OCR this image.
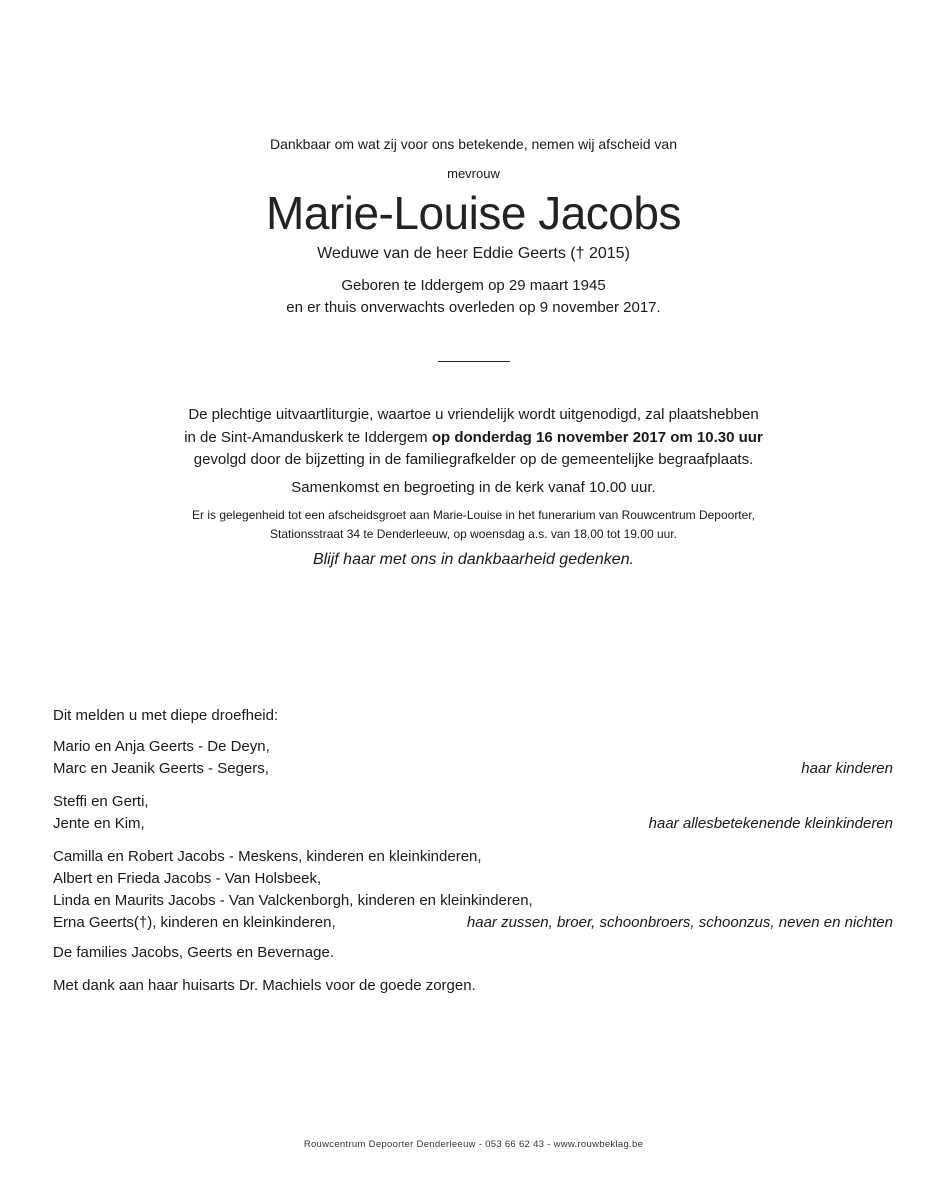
Dankbaar om wat zij voor ons betekende, nemen wij afscheid van
mevrouw
Marie-Louise Jacobs
Weduwe van de heer Eddie Geerts († 2015)
Geboren te Iddergem op 29 maart 1945
en er thuis onverwachts overleden op 9 november 2017.
De plechtige uitvaartliturgie, waartoe u vriendelijk wordt uitgenodigd, zal plaatshebben
in de Sint-Amanduskerk te Iddergem op donderdag 16 november 2017 om 10.30 uur
gevolgd door de bijzetting in de familiegrafkelder op de gemeentelijke begraafplaats.
Samenkomst en begroeting in de kerk vanaf 10.00 uur.
Er is gelegenheid tot een afscheidsgroet aan Marie-Louise in het funerarium van Rouwcentrum Depoorter,
Stationsstraat 34 te Denderleeuw, op woensdag a.s. van 18.00 tot 19.00 uur.
Blijf haar met ons in dankbaarheid gedenken.
Dit melden u met diepe droefheid:
Mario en Anja Geerts - De Deyn,
Marc en Jeanik Geerts - Segers,	haar kinderen
Steffi en Gerti,
Jente en Kim,	haar allesbetekenende kleinkinderen
Camilla en Robert Jacobs - Meskens, kinderen en kleinkinderen,
Albert en Frieda Jacobs - Van Holsbeek,
Linda en Maurits Jacobs - Van Valckenborgh, kinderen en kleinkinderen,
Erna Geerts(†), kinderen en kleinkinderen,	haar zussen, broer, schoonbroers, schoonzus, neven en nichten
De families Jacobs, Geerts en Bevernage.
Met dank aan haar huisarts Dr. Machiels voor de goede zorgen.
Rouwcentrum Depoorter Denderleeuw - 053 66 62 43 - www.rouwbeklag.be
